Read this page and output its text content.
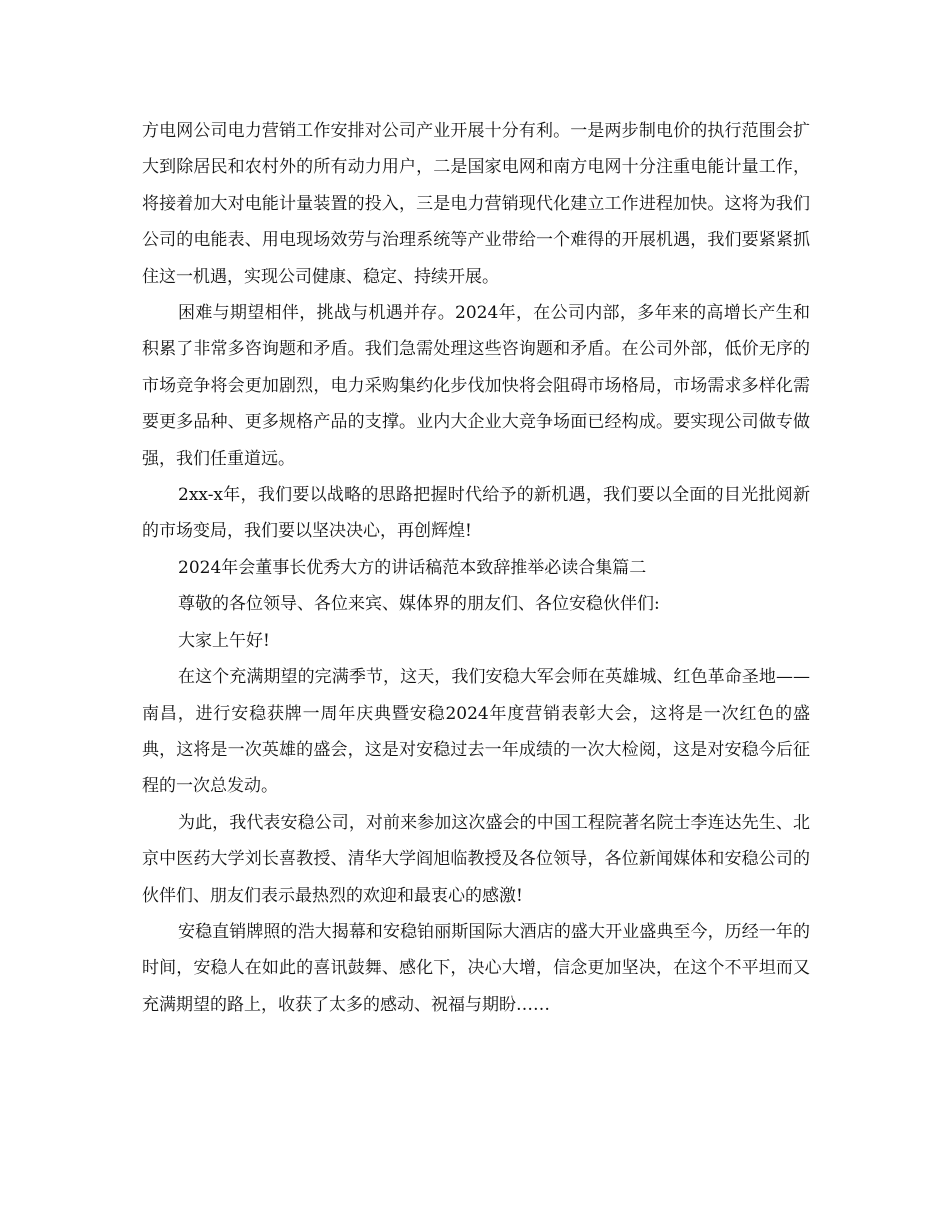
方电网公司电力营销工作安排对公司产业开展十分有利。一是两步制电价的执行范围会扩大到除居民和农村外的所有动力用户，二是国家电网和南方电网十分注重电能计量工作，将接着加大对电能计量装置的投入，三是电力营销现代化建立工作进程加快。这将为我们公司的电能表、用电现场效劳与治理系统等产业带给一个难得的开展机遇，我们要紧紧抓住这一机遇，实现公司健康、稳定、持续开展。

困难与期望相伴，挑战与机遇并存。2024年，在公司内部，多年来的高增长产生和积累了非常多咨询题和矛盾。我们急需处理这些咨询题和矛盾。在公司外部，低价无序的市场竞争将会更加剧烈，电力采购集约化步伐加快将会阻碍市场格局，市场需求多样化需要更多品种、更多规格产品的支撑。业内大企业大竞争场面已经构成。要实现公司做专做强，我们任重道远。

2xx-x年，我们要以战略的思路把握时代给予的新机遇，我们要以全面的目光批阅新的市场变局，我们要以坚决决心，再创辉煌!

2024年会董事长优秀大方的讲话稿范本致辞推举必读合集篇二

尊敬的各位领导、各位来宾、媒体界的朋友们、各位安稳伙伴们:

大家上午好!

在这个充满期望的完满季节，这天，我们安稳大军会师在英雄城、红色革命圣地——南昌，进行安稳获牌一周年庆典暨安稳2024年度营销表彰大会，这将是一次红色的盛典，这将是一次英雄的盛会，这是对安稳过去一年成绩的一次大检阅，这是对安稳今后征程的一次总发动。

为此，我代表安稳公司，对前来参加这次盛会的中国工程院著名院士李连达先生、北京中医药大学刘长喜教授、清华大学阎旭临教授及各位领导，各位新闻媒体和安稳公司的伙伴们、朋友们表示最热烈的欢迎和最衷心的感激!

安稳直销牌照的浩大揭幕和安稳铂丽斯国际大酒店的盛大开业盛典至今，历经一年的时间，安稳人在如此的喜讯鼓舞、感化下，决心大增，信念更加坚决，在这个不平坦而又充满期望的路上，收获了太多的感动、祝福与期盼……
